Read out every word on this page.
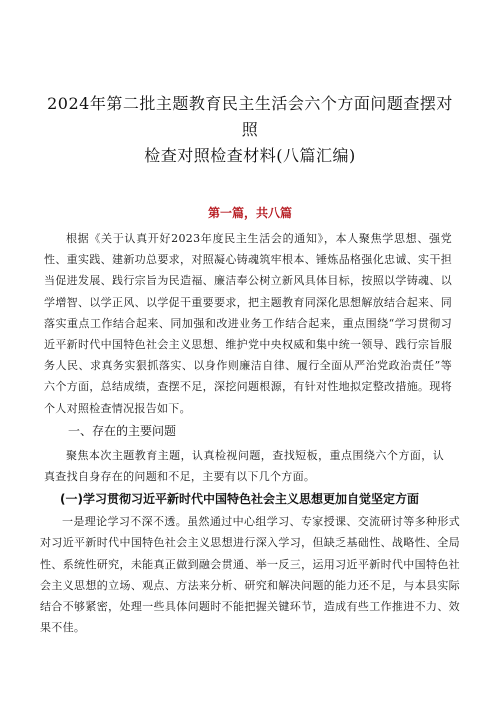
2024年第二批主题教育民主生活会六个方面问题查摆对照
检查对照检查材料(八篇汇编)
第一篇，共八篇

根据《关于认真开好2023年度民主生活会的通知》，本人聚焦学思想、强党性、重实践、建新功总要求，对照凝心铸魂筑牢根本、锤炼品格强化忠诚、实干担当促进发展、践行宗旨为民造福、廉洁奉公树立新风具体目标，按照以学铸魂、以学增智、以学正风、以学促干重要要求，把主题教育同深化思想解放结合起来、同落实重点工作结合起来、同加强和改进业务工作结合起来，重点围绕“学习贯彻习近平新时代中国特色社会主义思想、维护党中央权威和集中统一领导、践行宗旨服务人民、求真务实狠抓落实、以身作则廉洁自律、履行全面从严治党政治责任”等六个方面，总结成绩，查摆不足，深挖问题根源，有针对性地拟定整改措施。现将个人对照检查情况报告如下。

一、存在的主要问题

聚焦本次主题教育主题，认真检视问题，查找短板，重点围绕六个方面，认真查找自身存在的问题和不足，主要有以下几个方面。

(一)学习贯彻习近平新时代中国特色社会主义思想更加自觉坚定方面

一是理论学习不深不透。虽然通过中心组学习、专家授课、交流研讨等多种形式对习近平新时代中国特色社会主义思想进行深入学习，但缺乏基础性、战略性、全局性、系统性研究，未能真正做到融会贯通、举一反三，运用习近平新时代中国特色社会主义思想的立场、观点、方法来分析、研究和解决问题的能力还不足，与本县实际结合不够紧密，处理一些具体问题时不能把握关键环节，造成有些工作推进不力、效果不佳。
